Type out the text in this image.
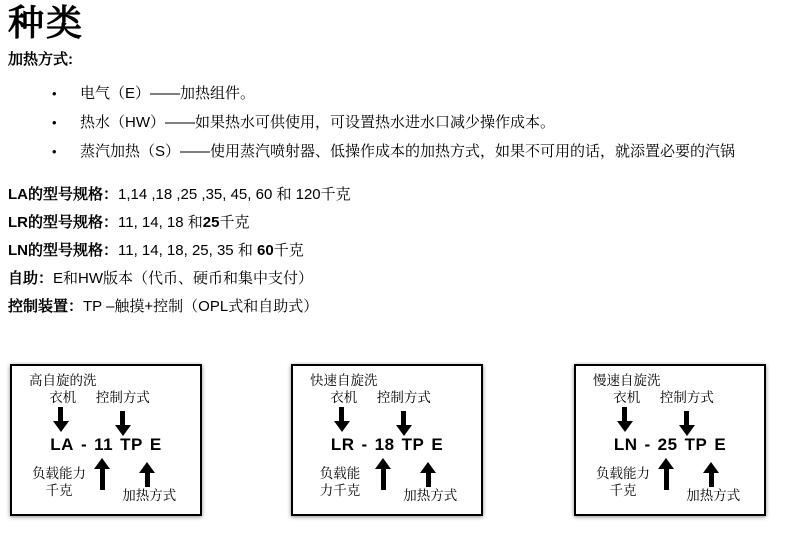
种类
加热方式:
• 电气（E）——加热组件。
• 热水（HW）——如果热水可供使用，可设置热水进水口减少操作成本。
• 蒸汽加热（S）——使用蒸汽喷射器、低操作成本的加热方式，如果不可用的话，就添置必要的汽锅
LA的型号规格：1,14 ,18 ,25 ,35, 45, 60 和 120千克
LR的型号规格：11, 14, 18 和25千克
LN的型号规格：11, 14, 18, 25, 35 和 60千克
自助：E和HW版本（代币、硬币和集中支付）
控制装置：TP –触摸+控制（OPL式和自助式）
高自旋的洗
衣机	控制方式
LA - 11 TP E
负载能力
千克	加热方式
快速自旋洗
衣机	控制方式
LR - 18 TP E
负载能
力千克	加热方式
慢速自旋洗
衣机	控制方式
LN - 25 TP E
负载能力
千克	加热方式
